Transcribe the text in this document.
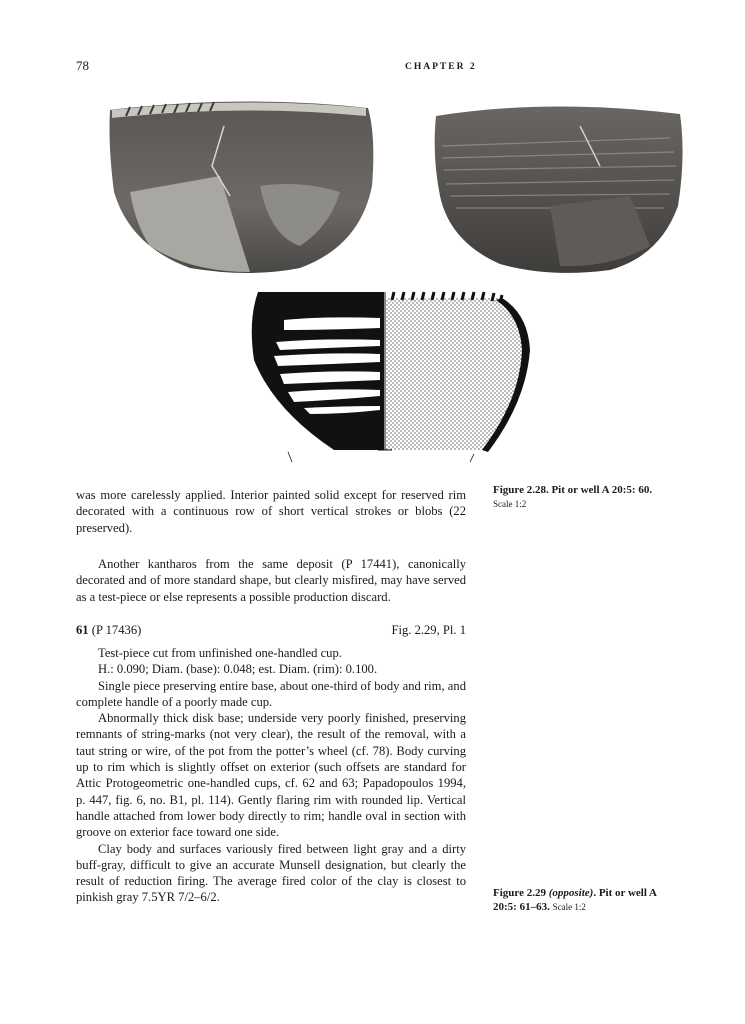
78	CHAPTER 2
Figure 2.28. Pit or well A 20:5: 60.
Scale 1:2
Figure 2.29 (opposite). Pit or well A 20:5: 61–63. Scale 1:2

was more carelessly applied. Interior painted solid except for reserved rim decorated with a continuous row of short vertical strokes or blobs (22 preserved).

Another kantharos from the same deposit (P 17441), canonically decorated and of more standard shape, but clearly misfired, may have served as a test-piece or else represents a possible production discard.

61 (P 17436)	Fig. 2.29, Pl. 1

Test-piece cut from unfinished one-handled cup.

H.: 0.090; Diam. (base): 0.048; est. Diam. (rim): 0.100.

Single piece preserving entire base, about one-third of body and rim, and complete handle of a poorly made cup.

Abnormally thick disk base; underside very poorly finished, preserving remnants of string-marks (not very clear), the result of the removal, with a taut string or wire, of the pot from the potter’s wheel (cf. 78). Body curving up to rim which is slightly offset on exterior (such offsets are standard for Attic Protogeometric one-handled cups, cf. 62 and 63; Papadopoulos 1994, p. 447, fig. 6, no. B1, pl. 114). Gently flaring rim with rounded lip. Vertical handle attached from lower body directly to rim; handle oval in section with groove on exterior face toward one side.

Clay body and surfaces variously fired between light gray and a dirty buff-gray, difficult to give an accurate Munsell designation, but clearly the result of reduction firing. The average fired color of the clay is closest to pinkish gray 7.5YR 7/2–6/2.
